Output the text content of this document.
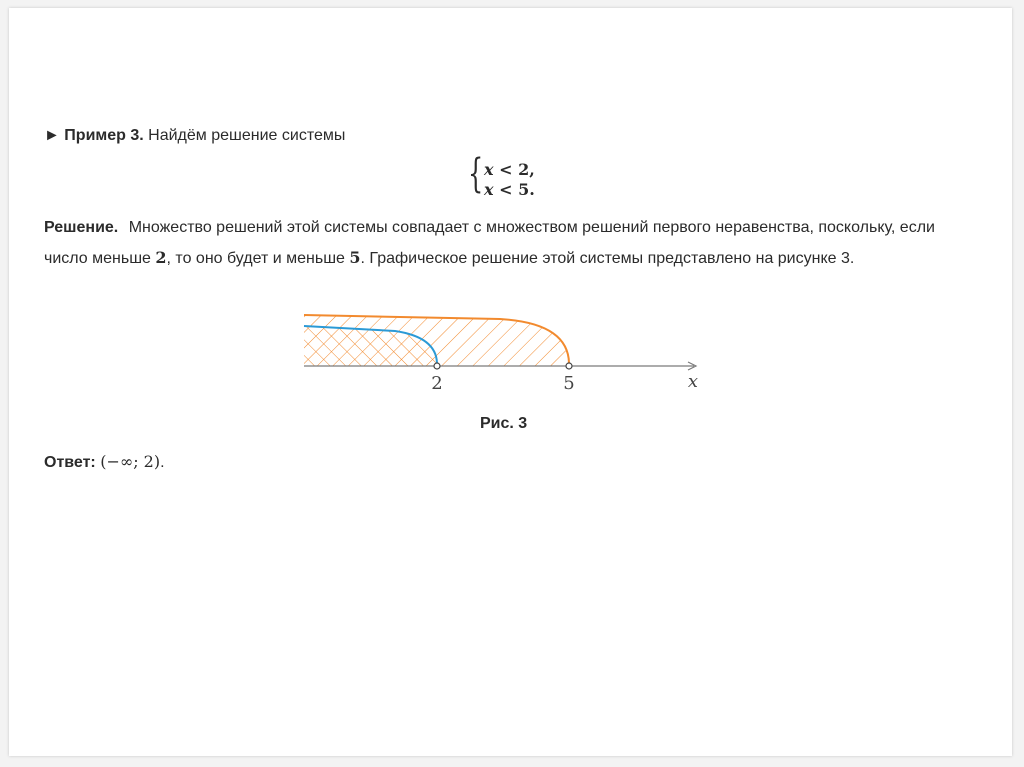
► Пример 3. Найдём решение системы
{ x < 2,
x < 5.
Решение. Множество решений этой системы совпадает с множеством решений первого неравенства, поскольку, если число меньше 2, то оно будет и меньше 5. Графическое решение этой системы представлено на рисунке 3.
2	5	x
Рис. 3
Ответ: (−∞; 2).
